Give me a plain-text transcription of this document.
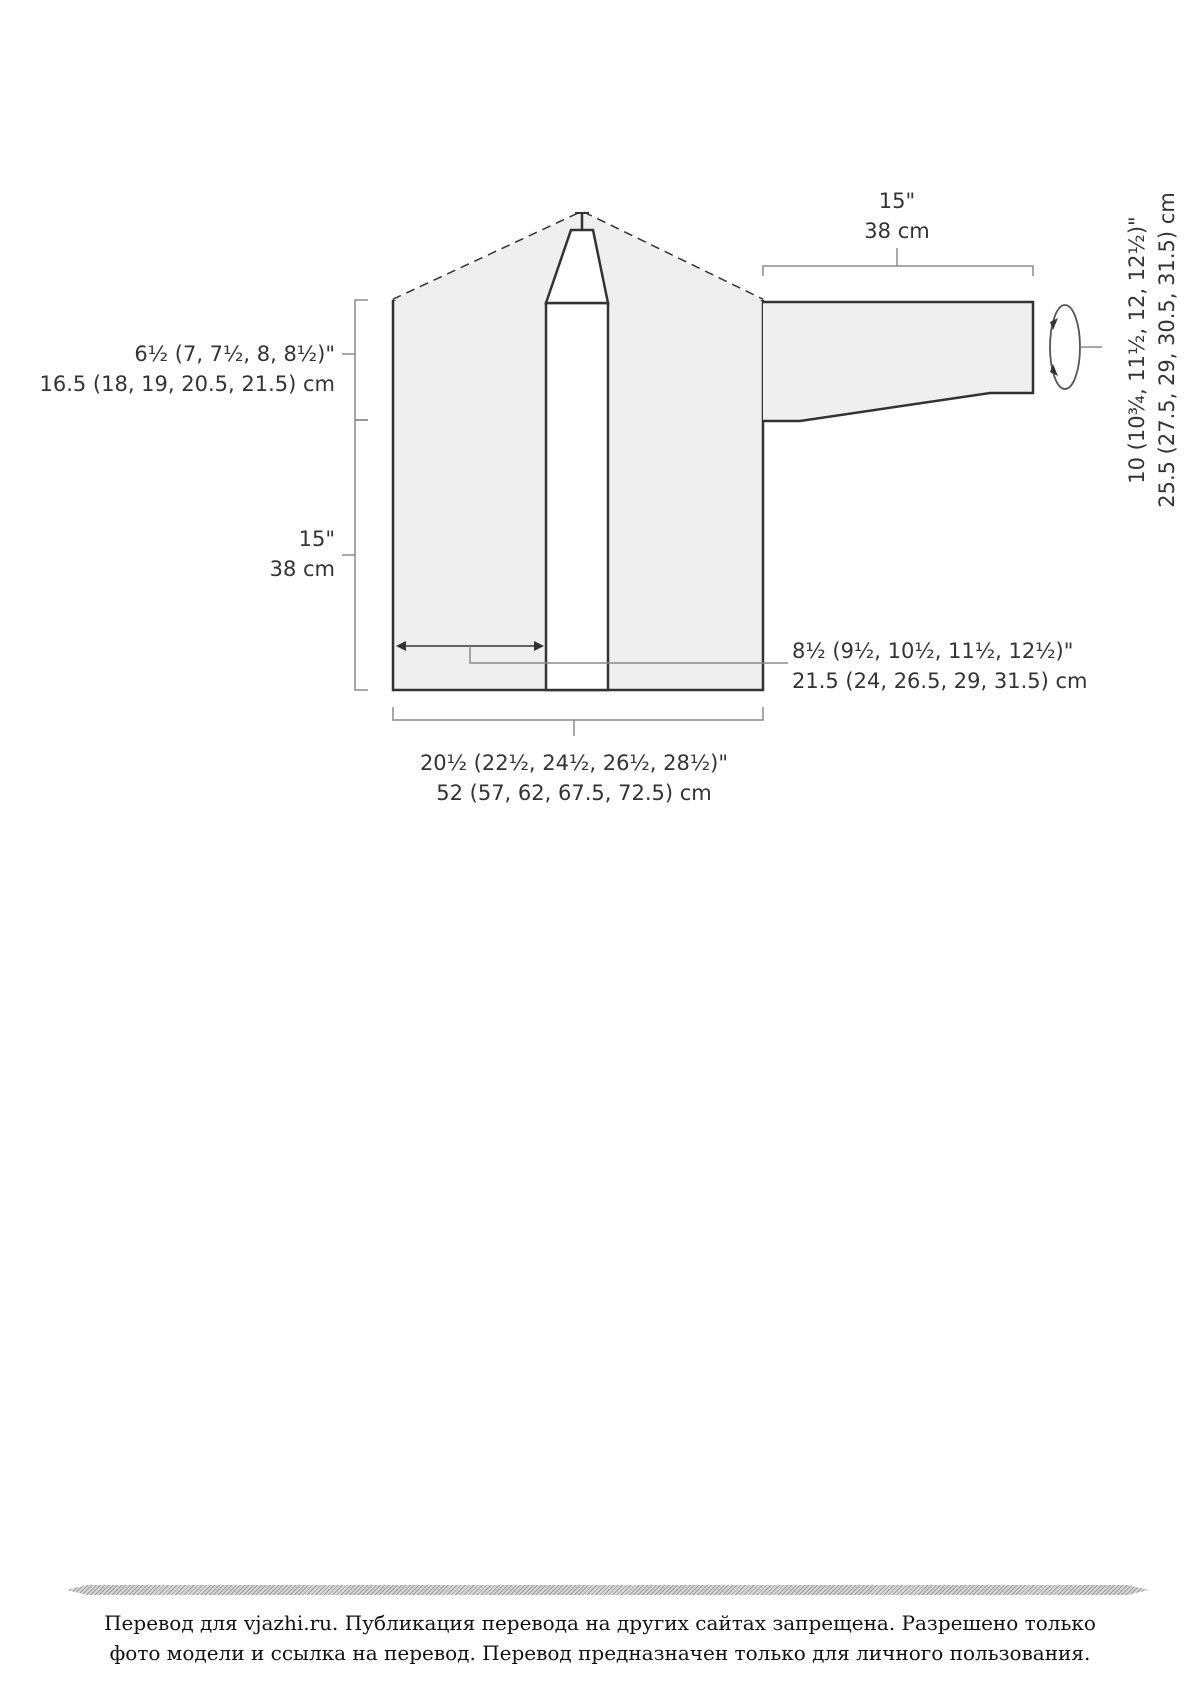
15"
38 cm	10 (10³⁄₄, 11¹⁄₂, 12, 12¹⁄₂)" 25.5 (27.5, 29, 30.5, 31.5) cm
6¹⁄₂ (7, 7¹⁄₂, 8, 8¹⁄₂)"
16.5 (18, 19, 20.5, 21.5) cm
15"
38 cm
8¹⁄₂ (9¹⁄₂, 10¹⁄₂, 11¹⁄₂, 12¹⁄₂)"
21.5 (24, 26.5, 29, 31.5) cm
20¹⁄₂ (22¹⁄₂, 24¹⁄₂, 26¹⁄₂, 28¹⁄₂)"
52 (57, 62, 67.5, 72.5) cm
Перевод для vjazhi.ru. Публикация перевода на других сайтах запрещена. Разрешено только
фото модели и ссылка на перевод. Перевод предназначен только для личного пользования.
